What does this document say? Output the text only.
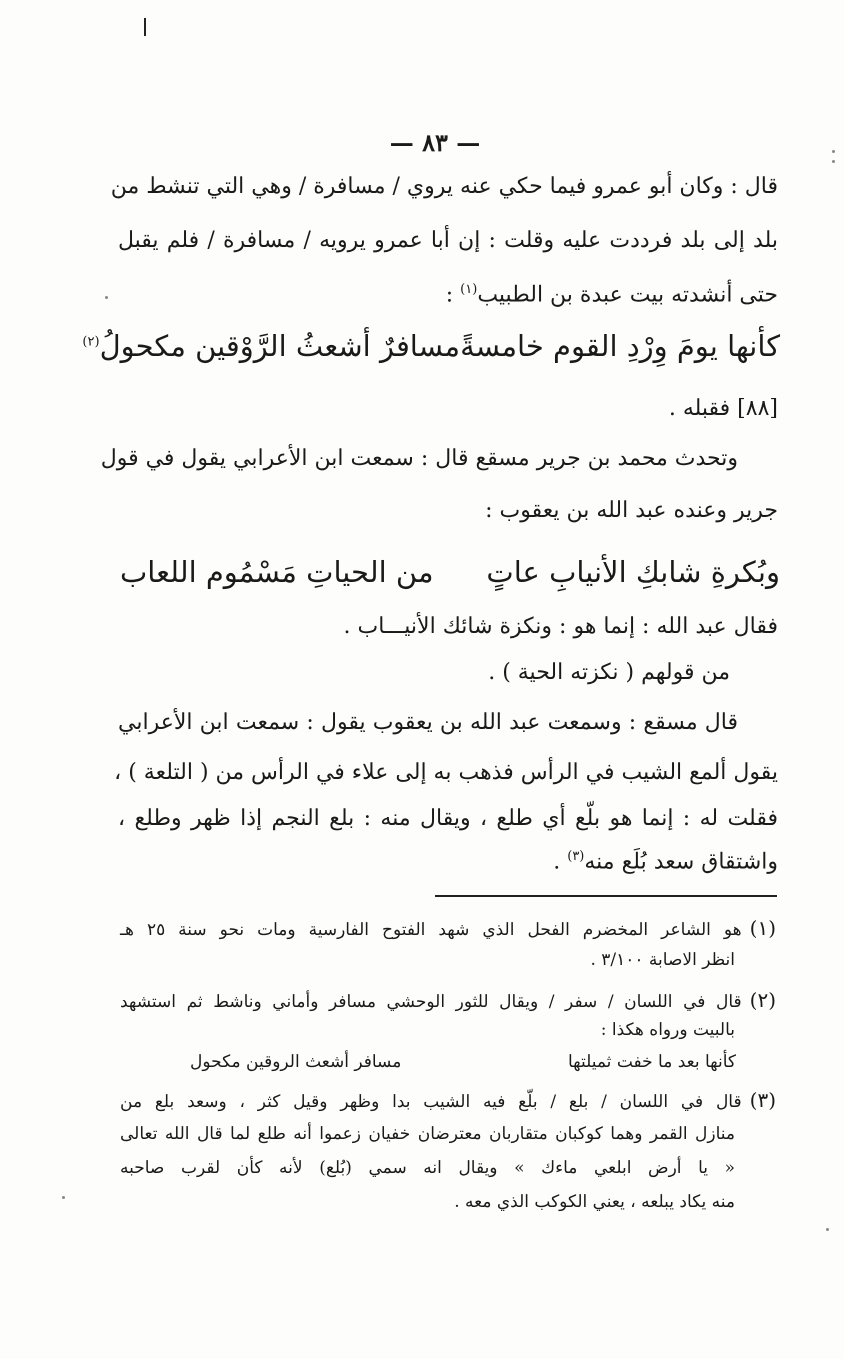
— ٨٣ —
قال : وكان أبو عمرو فيما حكي عنه يروي / مسافرة / وهي التي تنشط من
بلد إلى بلد فرددت عليه وقلت : إن أبا عمرو يرويه / مسافرة / فلم يقبل
حتى أنشدته بيت عبدة بن الطبيب$^{(١)}$ :
كأنها يومَ وِرْدِ القوم خامسةً
مسافرٌ أشعثُ الرَّوْقين مكحولُ$^{(٢)}$
[٨٨] فقبله .
وتحدث محمد بن جرير مسقع قال : سمعت ابن الأعرابي يقول في قول
جرير وعنده عبد الله بن يعقوب :
وبُكرةِ شابكِ الأنيابِ عاتٍ
من الحياتِ مَسْمُوم اللعاب
فقال عبد الله : إنما هو : ونكزة شائك الأنيـــاب .
من قولهم ( نكزته الحية ) .
قال مسقع : وسمعت عبد الله بن يعقوب يقول : سمعت ابن الأعرابي
يقول ألمع الشيب في الرأس فذهب به إلى علاء في الرأس من ( التلعة ) ،
فقلت له : إنما هو بلّع أي طلع ، ويقال منه : بلع النجم إذا ظهر وطلع ،
واشتقاق سعد بُلَع منه$^{(٣)}$ .
(١)هو الشاعر المخضرم الفحل الذي شهد الفتوح الفارسية ومات نحو سنة ٢٥ هـ
انظر الاصابة ٣/١٠٠ .
(٢)قال في اللسان / سفر / ويقال للثور الوحشي مسافر وأماني وناشط ثم استشهد
بالبيت ورواه هكذا :
كأنها بعد ما خفت ثميلتها
مسافر أشعث الروقين مكحول
(٣)قال في اللسان / بلع / بلّع فيه الشيب بدا وظهر وقيل كثر ، وسعد بلع من
منازل القمر وهما كوكبان متقاربان معترضان خفيان زعموا أنه طلع لما قال الله تعالى
« يا أرض ابلعي ماءك » ويقال انه سمي (بُلع) لأنه كأن لقرب صاحبه
منه يكاد يبلعه ، يعني الكوكب الذي معه .
